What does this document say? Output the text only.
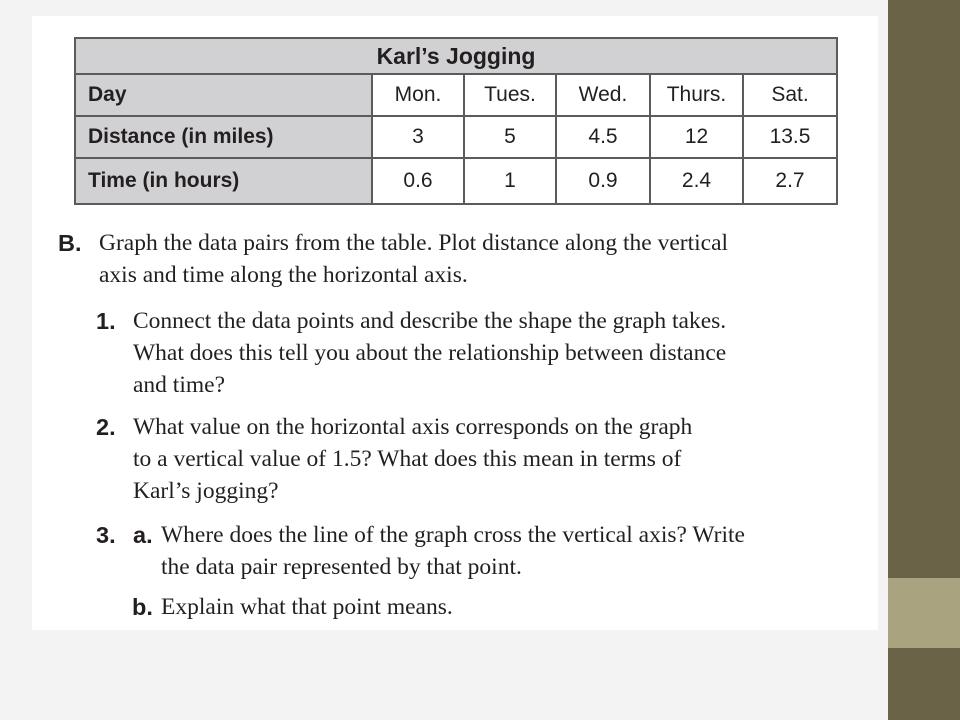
Karl’s Jogging					
Day	Mon.	Tues.	Wed.	Thurs.	Sat.
Distance (in miles)	3	5	4.5	12	13.5
Time (in hours)	0.6	1	0.9	2.4	2.7
B. Graph the data pairs from the table. Plot distance along the vertical
axis and time along the horizontal axis.
1. Connect the data points and describe the shape the graph takes.
What does this tell you about the relationship between distance
and time?
2. What value on the horizontal axis corresponds on the graph
to a vertical value of 1.5? What does this mean in terms of
Karl’s jogging?
3. a. Where does the line of the graph cross the vertical axis? Write
the data pair represented by that point.
b. Explain what that point means.
